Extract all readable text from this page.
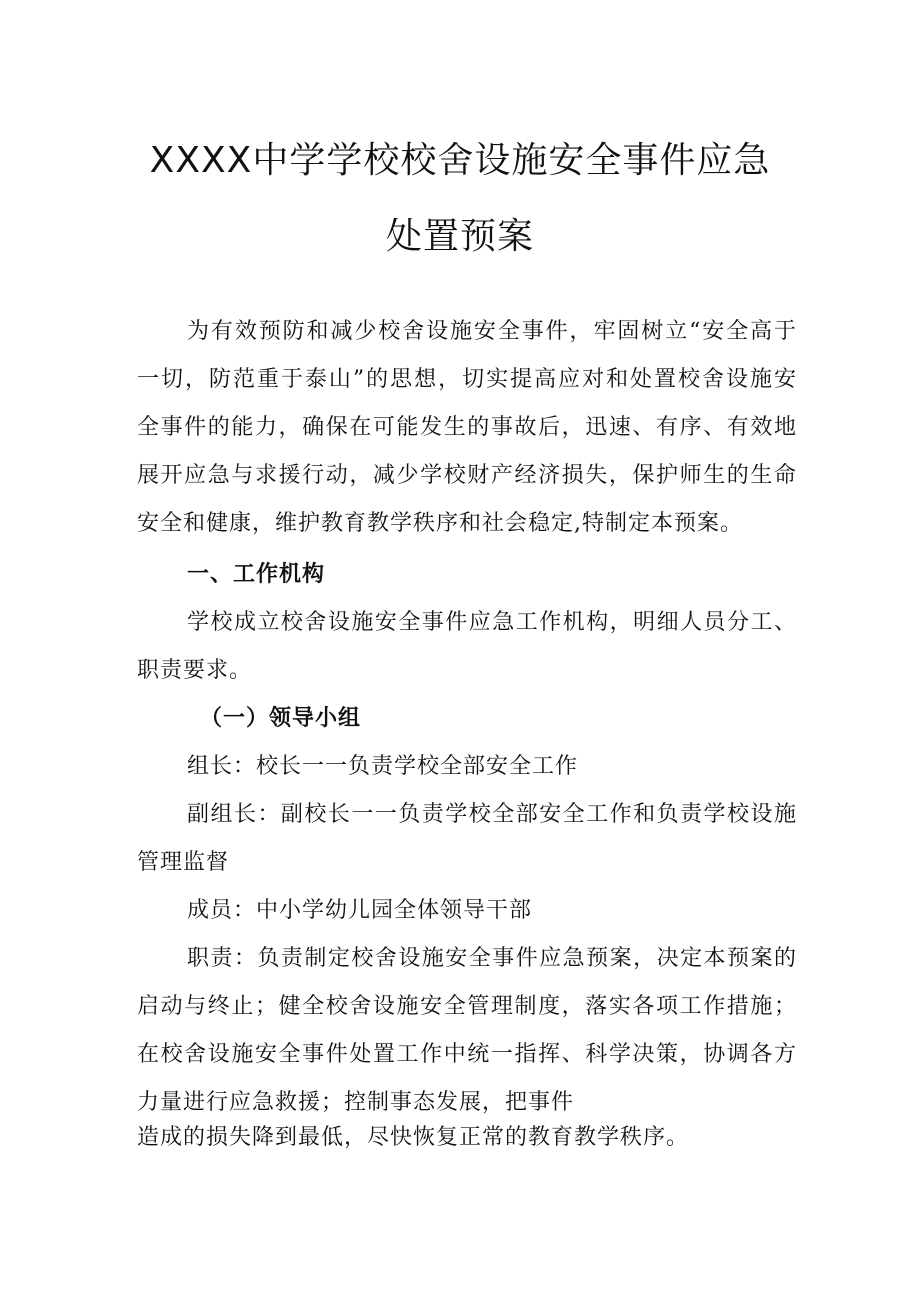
XXXX中学学校校舍设施安全事件应急
处置预案
为有效预防和减少校舍设施安全事件，牢固树立“安全高于
一切，防范重于泰山”的思想，切实提高应对和处置校舍设施安
全事件的能力，确保在可能发生的事故后，迅速、有序、有效地
展开应急与求援行动，减少学校财产经济损失，保护师生的生命
安全和健康，维护教育教学秩序和社会稳定,特制定本预案。
一、工作机构
学校成立校舍设施安全事件应急工作机构，明细人员分工、
职责要求。
（一）领导小组
组长：校长一一负责学校全部安全工作
副组长：副校长一一负责学校全部安全工作和负责学校设施
管理监督
成员：中小学幼儿园全体领导干部
职责：负责制定校舍设施安全事件应急预案，决定本预案的
启动与终止；健全校舍设施安全管理制度，落实各项工作措施；
在校舍设施安全事件处置工作中统一指挥、科学决策，协调各方
力量进行应急救援；控制事态发展，把事件
造成的损失降到最低，尽快恢复正常的教育教学秩序。
